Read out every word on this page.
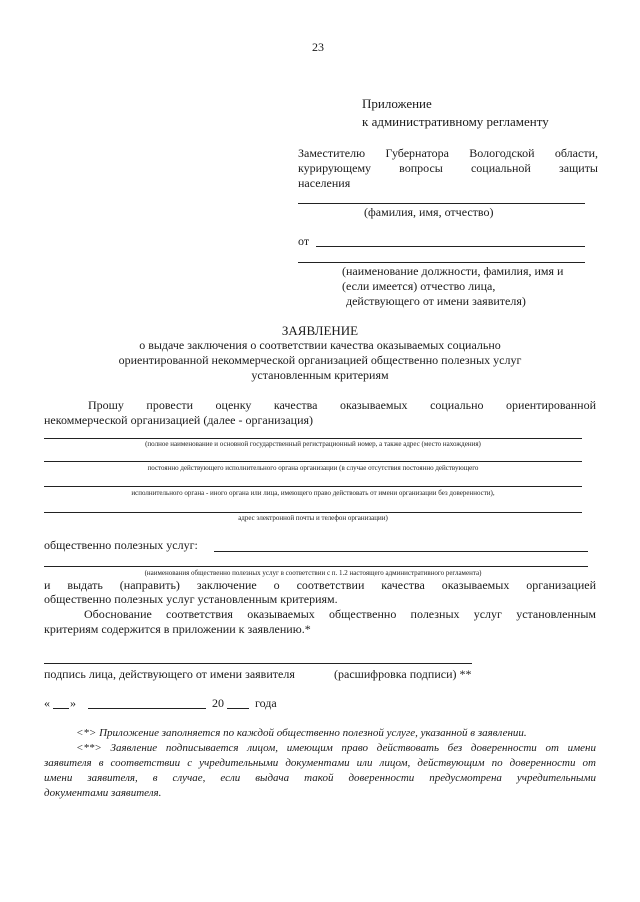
23
Приложение
к административному регламенту
Заместителю Губернатора Вологодской области,
курирующему вопросы социальной защиты
населения
(фамилия, имя, отчество)
от
(наименование должности, фамилия, имя и
(если имеется) отчество лица,
действующего от имени заявителя)
ЗАЯВЛЕНИЕ
о выдаче заключения о соответствии качества оказываемых социально
ориентированной некоммерческой организацией общественно полезных услуг
установленным критериям
Прошу провести оценку качества оказываемых социально ориентированной
некоммерческой организацией (далее - организация)
(полное наименование и основной государственный регистрационный номер, а также адрес (место нахождения)
постоянно действующего исполнительного органа организации (в случае отсутствия постоянно действующего
исполнительного органа - иного органа или лица, имеющего право действовать от имени организации без доверенности),
адрес электронной почты и телефон организации)
общественно полезных услуг:
(наименования общественно полезных услуг в соответствии с п. 1.2 настоящего административного регламента)
и выдать (направить) заключение о соответствии качества оказываемых организацией
общественно полезных услуг установленным критериям.
Обоснование соответствия оказываемых общественно полезных услуг установленным
критериям содержится в приложении к заявлению.*
подпись лица, действующего от имени заявителя	(расшифровка подписи) **
« »	20	года
<*> Приложение заполняется по каждой общественно полезной услуге, указанной в заявлении.
<**> Заявление подписывается лицом, имеющим право действовать без доверенности от имени
заявителя в соответствии с учредительными документами или лицом, действующим по доверенности от
имени заявителя, в случае, если выдача такой доверенности предусмотрена учредительными
документами заявителя.
